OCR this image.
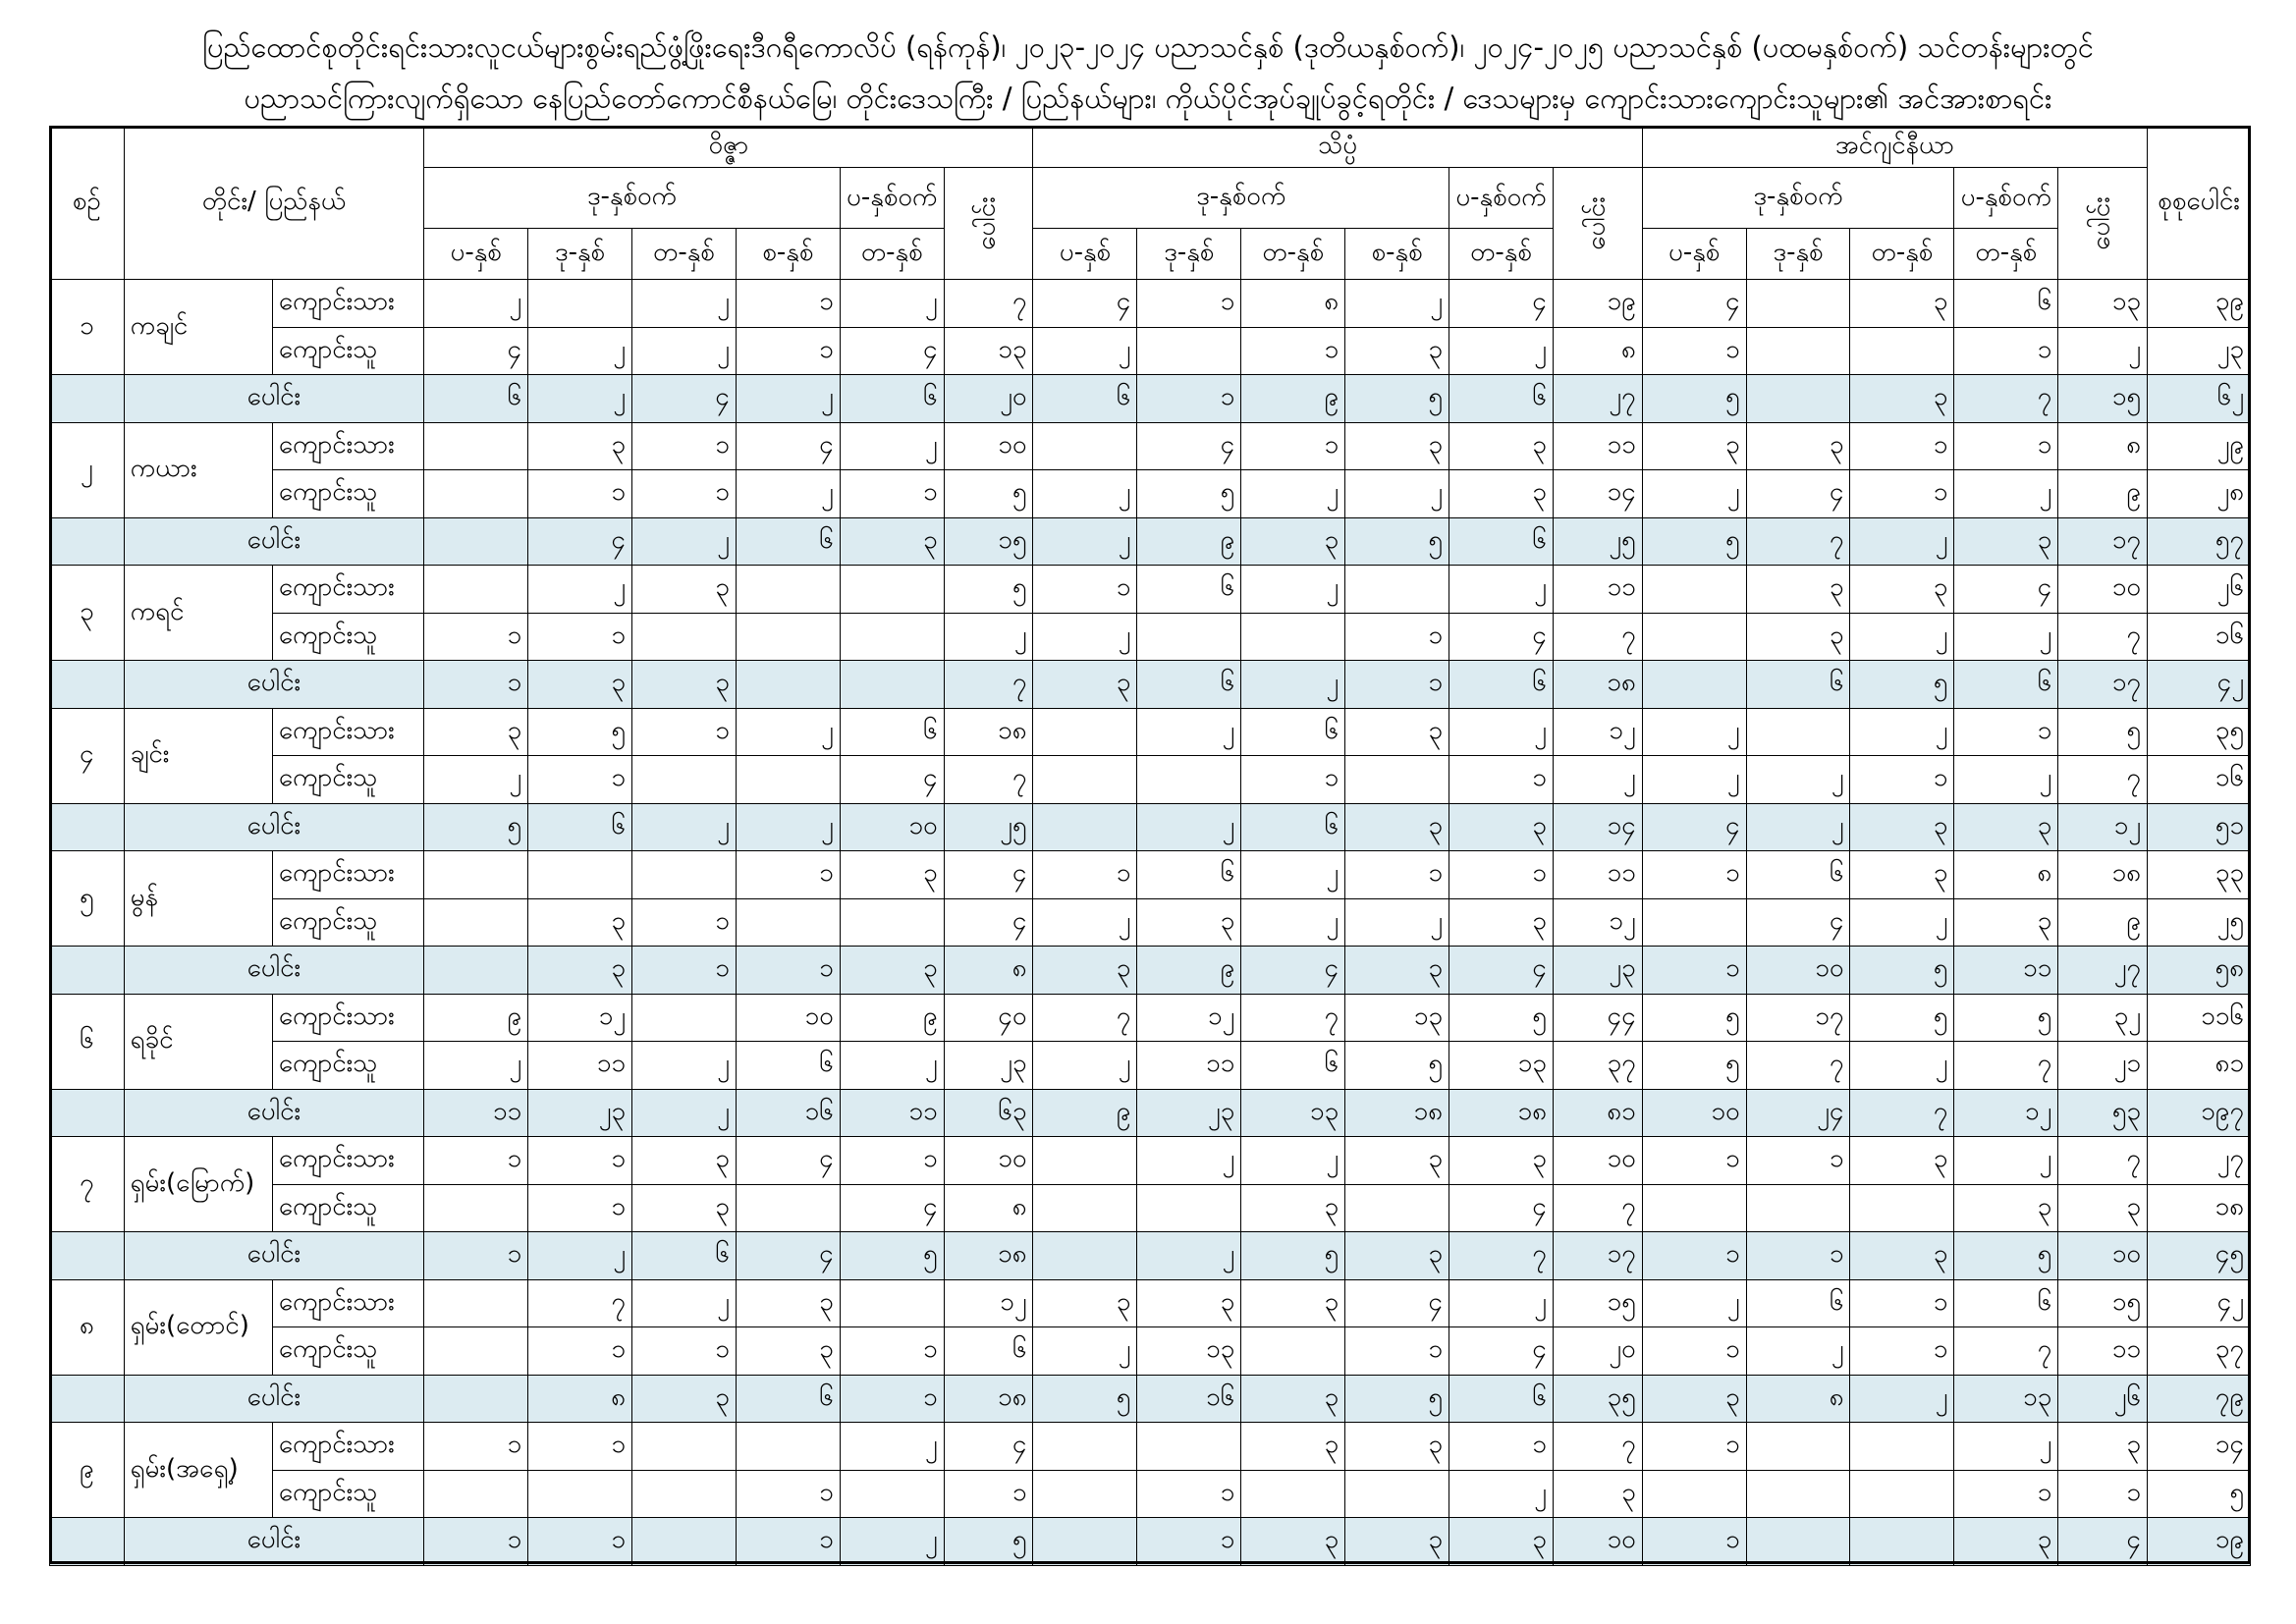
ပြည်ထောင်စုတိုင်းရင်းသားလူငယ်များစွမ်းရည်ဖွံ့ဖြိုးရေးဒီဂရီကောလိပ် (ရန်ကုန်)၊ ၂၀၂၃-၂၀၂၄ ပညာသင်နှစ် (ဒုတိယနှစ်ဝက်)၊ ၂၀၂၄-၂၀၂၅ ပညာသင်နှစ် (ပထမနှစ်ဝက်) သင်တန်းများတွင်
ပညာသင်ကြားလျက်ရှိသော နေပြည်တော်ကောင်စီနယ်မြေ၊ တိုင်းဒေသကြီး / ပြည်နယ်များ၊ ကိုယ်ပိုင်အုပ်ချုပ်ခွင့်ရတိုင်း / ဒေသများမှ ကျောင်းသားကျောင်းသူများ၏ အင်အားစာရင်း
စဉ်	တိုင်း/ ပြည်နယ်		ဝိဇ္ဇာ						သိပ္ပံ						အင်ဂျင်နီယာ					စုစုပေါင်း
			ဒု-နှစ်ဝက်				ပ-နှစ်ဝက်	ပေါင်း	ဒု-နှစ်ဝက်				ပ-နှစ်ဝက်	ပေါင်း	ဒု-နှစ်ဝက်			ပ-နှစ်ဝက်	ပေါင်း	
			ပ-နှစ်	ဒု-နှစ်	တ-နှစ်	စ-နှစ်	တ-နှစ်		ပ-နှစ်	ဒု-နှစ်	တ-နှစ်	စ-နှစ်	တ-နှစ်		ပ-နှစ်	ဒု-နှစ်	တ-နှစ်	တ-နှစ်		
၁	ကချင်	ကျောင်းသား	၂		၂	၁	၂	၇	၄	၁	၈	၂	၄	၁၉	၄		၃	၆	၁၃	၃၉
		ကျောင်းသူ	၄	၂	၂	၁	၄	၁၃	၂		၁	၃	၂	၈	၁			၁	၂	၂၃
	ပေါင်း		၆	၂	၄	၂	၆	၂၀	၆	၁	၉	၅	၆	၂၇	၅		၃	၇	၁၅	၆၂
၂	ကယား	ကျောင်းသား		၃	၁	၄	၂	၁၀		၄	၁	၃	၃	၁၁	၃	၃	၁	၁	၈	၂၉
		ကျောင်းသူ		၁	၁	၂	၁	၅	၂	၅	၂	၂	၃	၁၄	၂	၄	၁	၂	၉	၂၈
	ပေါင်း			၄	၂	၆	၃	၁၅	၂	၉	၃	၅	၆	၂၅	၅	၇	၂	၃	၁၇	၅၇
၃	ကရင်	ကျောင်းသား		၂	၃			၅	၁	၆	၂		၂	၁၁		၃	၃	၄	၁၀	၂၆
		ကျောင်းသူ	၁	၁				၂	၂			၁	၄	၇		၃	၂	၂	၇	၁၆
	ပေါင်း		၁	၃	၃			၇	၃	၆	၂	၁	၆	၁၈		၆	၅	၆	၁၇	၄၂
၄	ချင်း	ကျောင်းသား	၃	၅	၁	၂	၆	၁၈		၂	၆	၃	၂	၁၂	၂		၂	၁	၅	၃၅
		ကျောင်းသူ	၂	၁			၄	၇			၁		၁	၂	၂	၂	၁	၂	၇	၁၆
	ပေါင်း		၅	၆	၂	၂	၁၀	၂၅		၂	၆	၃	၃	၁၄	၄	၂	၃	၃	၁၂	၅၁
၅	မွန်	ကျောင်းသား				၁	၃	၄	၁	၆	၂	၁	၁	၁၁	၁	၆	၃	၈	၁၈	၃၃
		ကျောင်းသူ		၃	၁			၄	၂	၃	၂	၂	၃	၁၂		၄	၂	၃	၉	၂၅
	ပေါင်း			၃	၁	၁	၃	၈	၃	၉	၄	၃	၄	၂၃	၁	၁၀	၅	၁၁	၂၇	၅၈
၆	ရခိုင်	ကျောင်းသား	၉	၁၂		၁၀	၉	၄၀	၇	၁၂	၇	၁၃	၅	၄၄	၅	၁၇	၅	၅	၃၂	၁၁၆
		ကျောင်းသူ	၂	၁၁	၂	၆	၂	၂၃	၂	၁၁	၆	၅	၁၃	၃၇	၅	၇	၂	၇	၂၁	၈၁
	ပေါင်း		၁၁	၂၃	၂	၁၆	၁၁	၆၃	၉	၂၃	၁၃	၁၈	၁၈	၈၁	၁၀	၂၄	၇	၁၂	၅၃	၁၉၇
၇	ရှမ်း(မြောက်)	ကျောင်းသား	၁	၁	၃	၄	၁	၁၀		၂	၂	၃	၃	၁၀	၁	၁	၃	၂	၇	၂၇
		ကျောင်းသူ		၁	၃		၄	၈			၃		၄	၇				၃	၃	၁၈
	ပေါင်း		၁	၂	၆	၄	၅	၁၈		၂	၅	၃	၇	၁၇	၁	၁	၃	၅	၁၀	၄၅
၈	ရှမ်း(တောင်)	ကျောင်းသား		၇	၂	၃		၁၂	၃	၃	၃	၄	၂	၁၅	၂	၆	၁	၆	၁၅	၄၂
		ကျောင်းသူ		၁	၁	၃	၁	၆	၂	၁၃		၁	၄	၂၀	၁	၂	၁	၇	၁၁	၃၇
	ပေါင်း			၈	၃	၆	၁	၁၈	၅	၁၆	၃	၅	၆	၃၅	၃	၈	၂	၁၃	၂၆	၇၉
၉	ရှမ်း(အရှေ့)	ကျောင်းသား	၁	၁			၂	၄			၃	၃	၁	၇	၁			၂	၃	၁၄
		ကျောင်းသူ				၁		၁		၁			၂	၃				၁	၁	၅
	ပေါင်း		၁	၁		၁	၂	၅		၁	၃	၃	၃	၁၀	၁			၃	၄	၁၉
